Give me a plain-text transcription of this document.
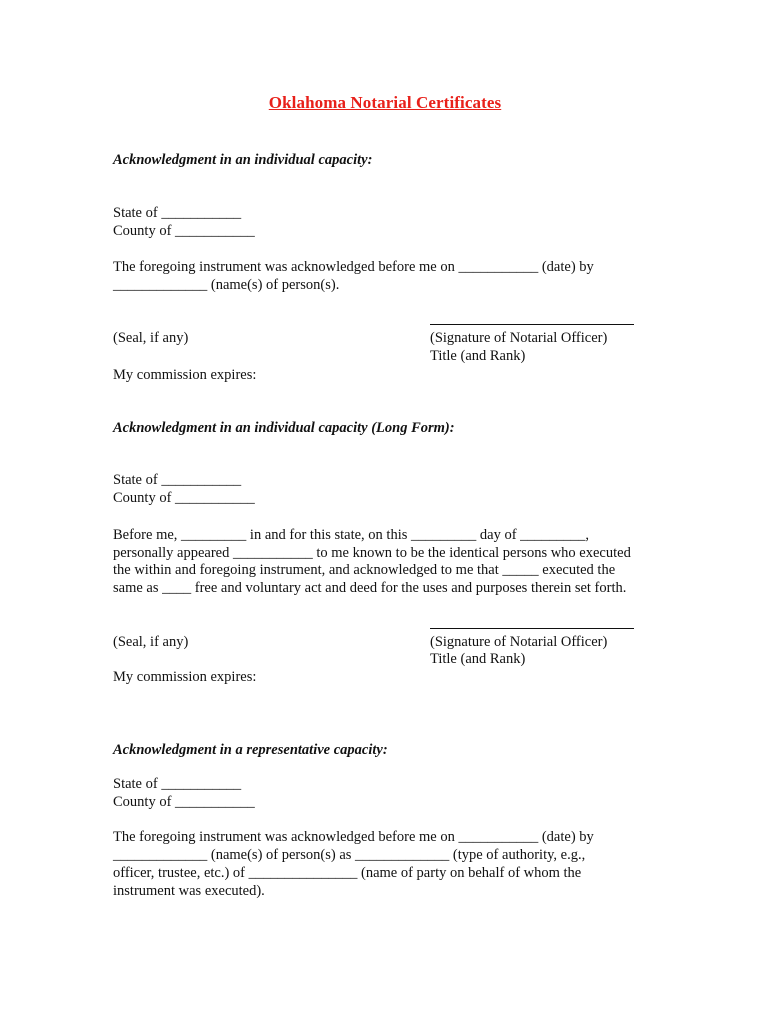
Oklahoma Notarial Certificates
Acknowledgment in an individual capacity:
State of ___________
County of ___________
The foregoing instrument was acknowledged before me on ___________ (date) by
_____________ (name(s) of person(s).
(Seal, if any)	(Signature of Notarial Officer)
Title (and Rank)
My commission expires:
Acknowledgment in an individual capacity (Long Form):
State of ___________
County of ___________
Before me, _________ in and for this state, on this _________ day of _________,
personally appeared ___________ to me known to be the identical persons who executed
the within and foregoing instrument, and acknowledged to me that _____ executed the
same as ____ free and voluntary act and deed for the uses and purposes therein set forth.
(Seal, if any)	(Signature of Notarial Officer)
Title (and Rank)
My commission expires:
Acknowledgment in a representative capacity:
State of ___________
County of ___________
The foregoing instrument was acknowledged before me on ___________ (date) by
_____________ (name(s) of person(s) as _____________ (type of authority, e.g.,
officer, trustee, etc.) of _______________ (name of party on behalf of whom the
instrument was executed).
